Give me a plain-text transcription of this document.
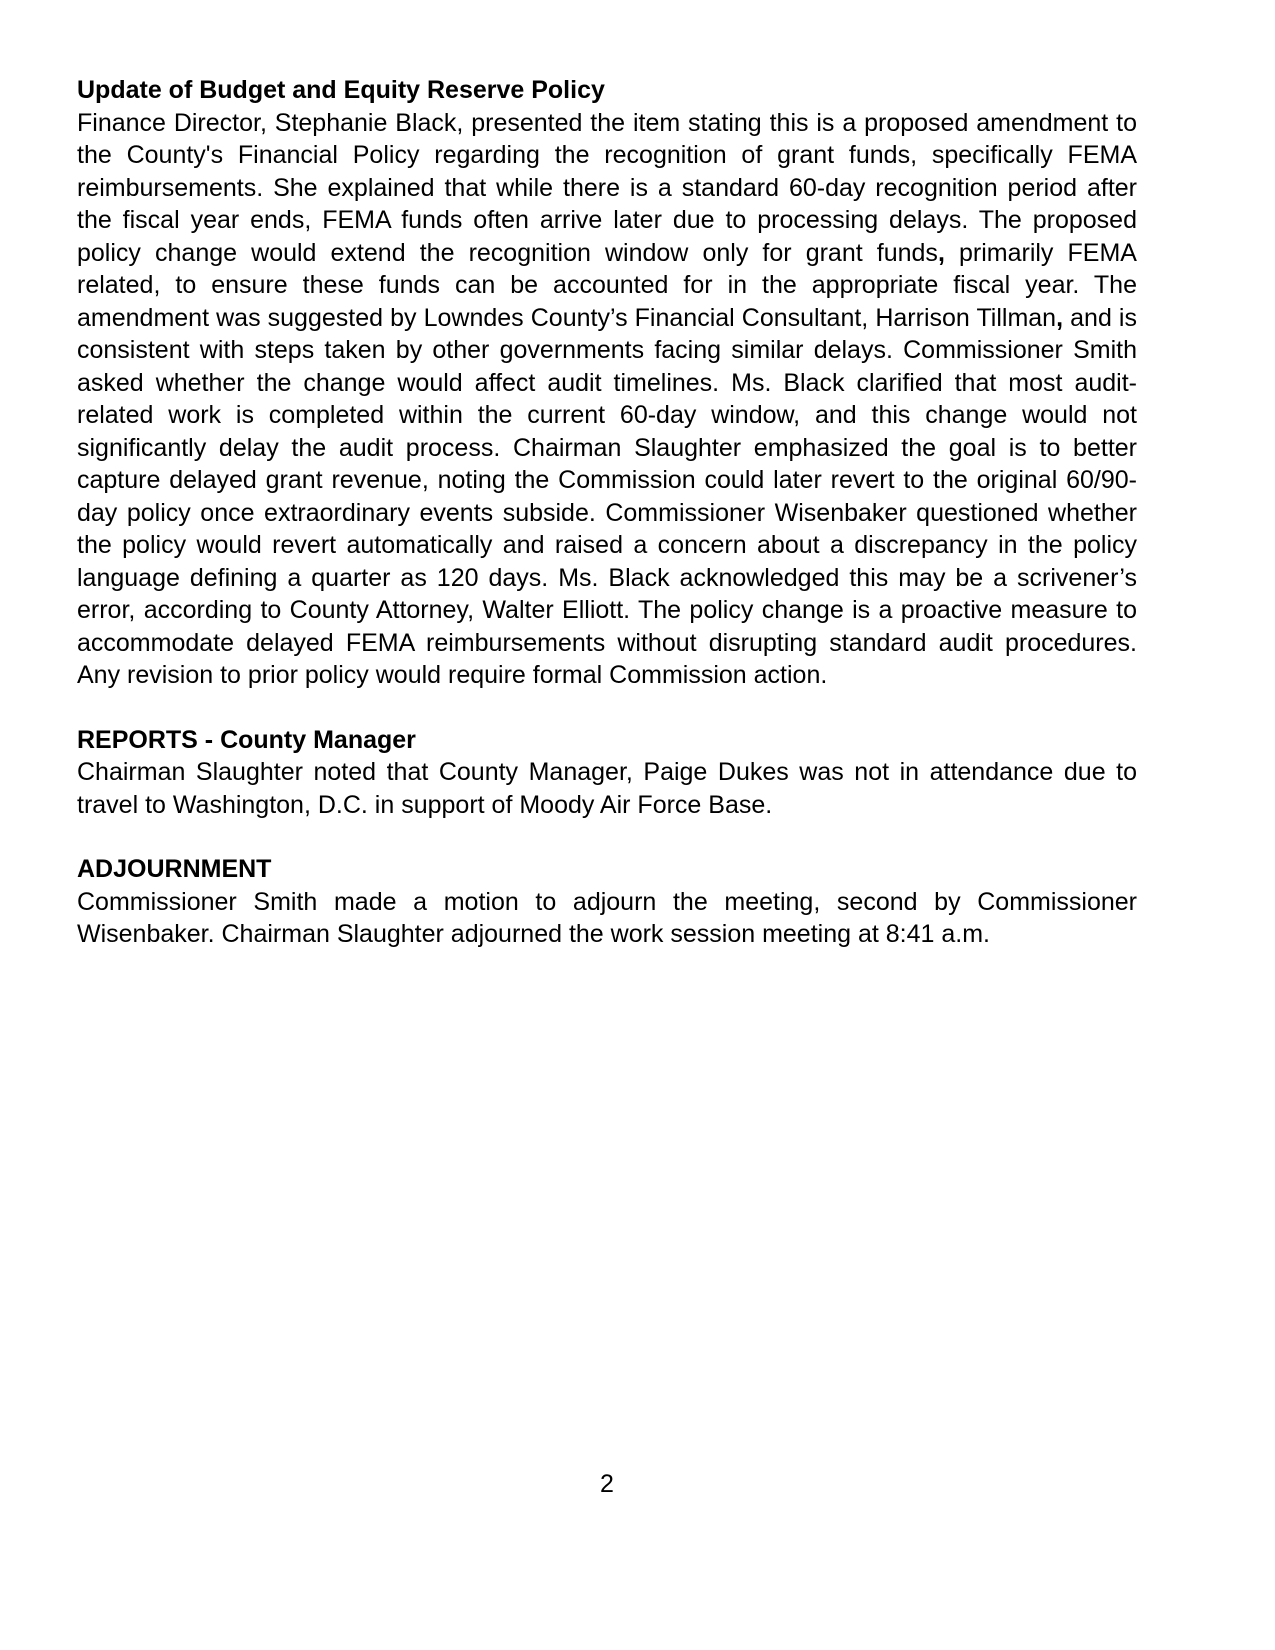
Update of Budget and Equity Reserve Policy

Finance Director, Stephanie Black, presented the item stating this is a proposed amendment to the County's Financial Policy regarding the recognition of grant funds, specifically FEMA reimbursements. She explained that while there is a standard 60-day recognition period after the fiscal year ends, FEMA funds often arrive later due to processing delays. The proposed policy change would extend the recognition window only for grant funds, primarily FEMA related, to ensure these funds can be accounted for in the appropriate fiscal year. The amendment was suggested by Lowndes County’s Financial Consultant, Harrison Tillman, and is consistent with steps taken by other governments facing similar delays. Commissioner Smith asked whether the change would affect audit timelines. Ms. Black clarified that most audit-related work is completed within the current 60-day window, and this change would not significantly delay the audit process. Chairman Slaughter emphasized the goal is to better capture delayed grant revenue, noting the Commission could later revert to the original 60/90-day policy once extraordinary events subside. Commissioner Wisenbaker questioned whether the policy would revert automatically and raised a concern about a discrepancy in the policy language defining a quarter as 120 days. Ms. Black acknowledged this may be a scrivener’s error, according to County Attorney, Walter Elliott. The policy change is a proactive measure to accommodate delayed FEMA reimbursements without disrupting standard audit procedures. Any revision to prior policy would require formal Commission action.

REPORTS - County Manager

Chairman Slaughter noted that County Manager, Paige Dukes was not in attendance due to travel to Washington, D.C. in support of Moody Air Force Base.

ADJOURNMENT

Commissioner Smith made a motion to adjourn the meeting, second by Commissioner Wisenbaker. Chairman Slaughter adjourned the work session meeting at 8:41 a.m.

2
